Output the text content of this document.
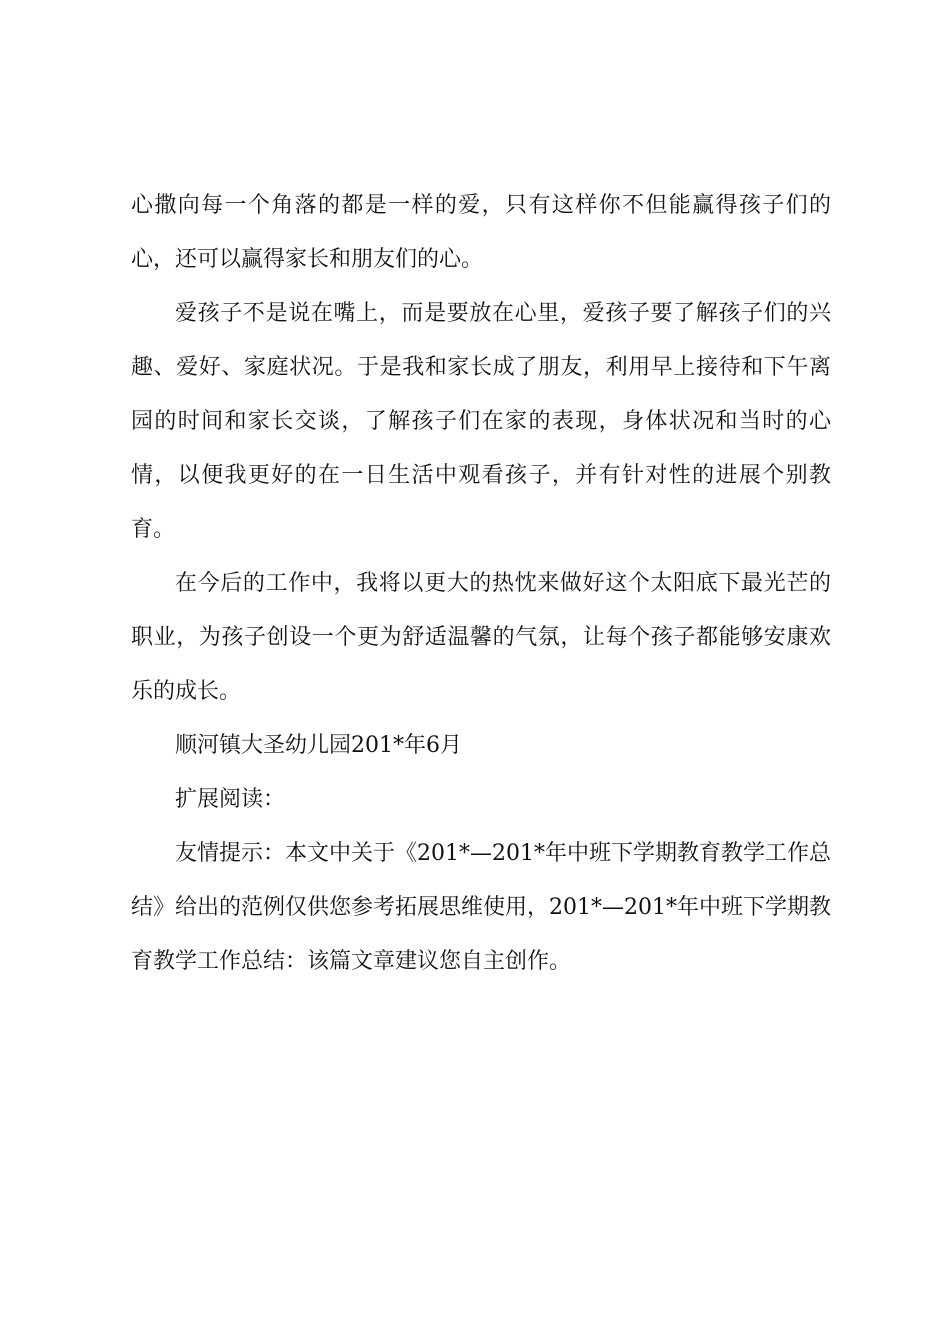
心撒向每一个角落的都是一样的爱，只有这样你不但能赢得孩子们的
心，还可以赢得家长和朋友们的心。
爱孩子不是说在嘴上，而是要放在心里，爱孩子要了解孩子们的兴
趣、爱好、家庭状况。于是我和家长成了朋友，利用早上接待和下午离
园的时间和家长交谈，了解孩子们在家的表现，身体状况和当时的心
情，以便我更好的在一日生活中观看孩子，并有针对性的进展个别教
育。
在今后的工作中，我将以更大的热忱来做好这个太阳底下最光芒的
职业，为孩子创设一个更为舒适温馨的气氛，让每个孩子都能够安康欢
乐的成长。
顺河镇大圣幼儿园201*年6月
扩展阅读：
友情提示：本文中关于《201*—201*年中班下学期教育教学工作总
结》给出的范例仅供您参考拓展思维使用，201*—201*年中班下学期教
育教学工作总结：该篇文章建议您自主创作。
